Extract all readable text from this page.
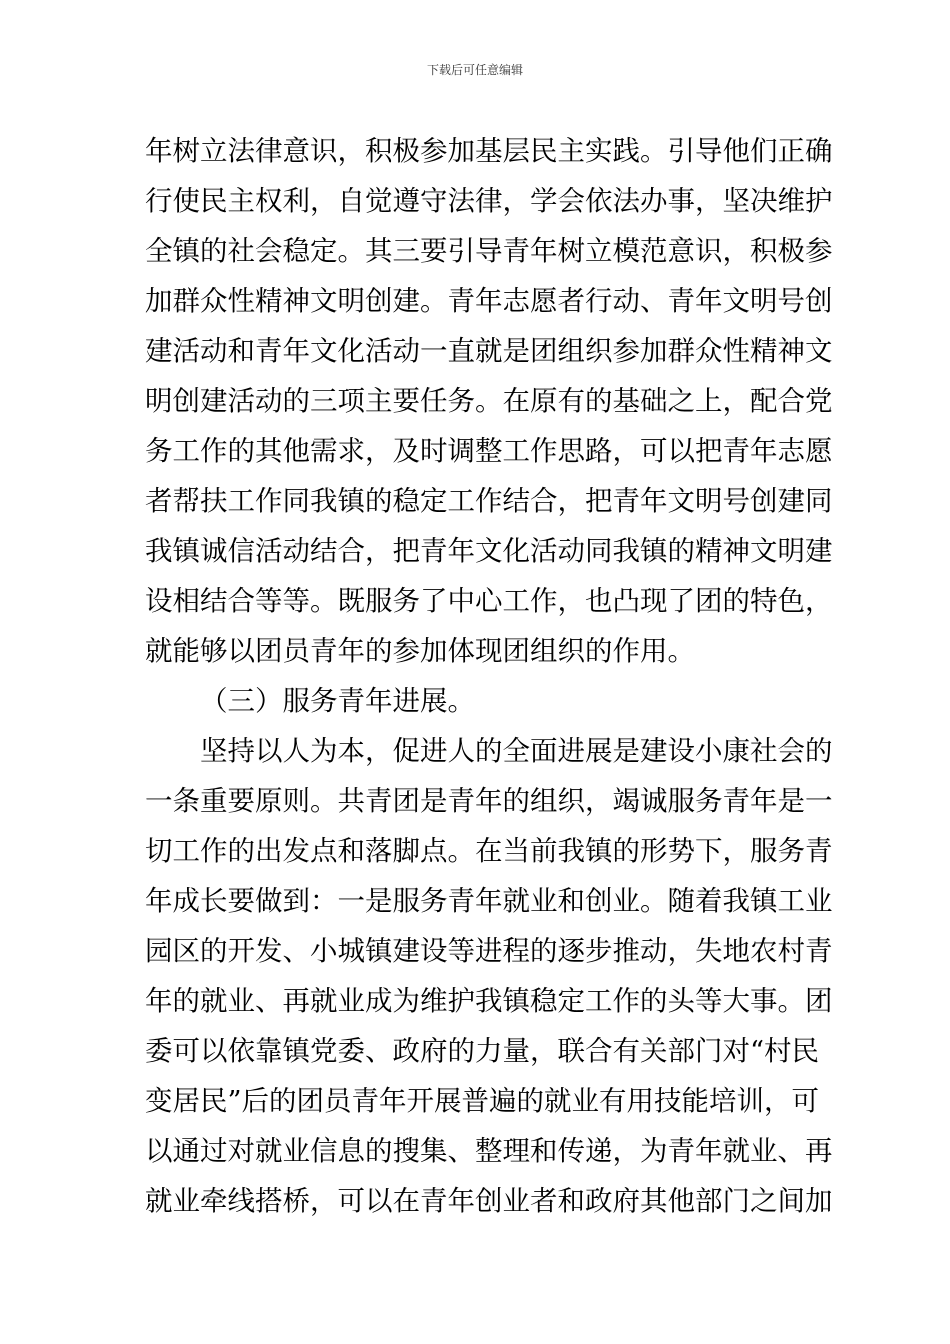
下载后可任意编辑
年树立法律意识，积极参加基层民主实践。引导他们正确
行使民主权利，自觉遵守法律，学会依法办事，坚决维护
全镇的社会稳定。其三要引导青年树立模范意识，积极参
加群众性精神文明创建。青年志愿者行动、青年文明号创
建活动和青年文化活动一直就是团组织参加群众性精神文
明创建活动的三项主要任务。在原有的基础之上，配合党
务工作的其他需求，及时调整工作思路，可以把青年志愿
者帮扶工作同我镇的稳定工作结合，把青年文明号创建同
我镇诚信活动结合，把青年文化活动同我镇的精神文明建
设相结合等等。既服务了中心工作，也凸现了团的特色，
就能够以团员青年的参加体现团组织的作用。
（三）服务青年进展。
坚持以人为本，促进人的全面进展是建设小康社会的
一条重要原则。共青团是青年的组织，竭诚服务青年是一
切工作的出发点和落脚点。在当前我镇的形势下，服务青
年成长要做到：一是服务青年就业和创业。随着我镇工业
园区的开发、小城镇建设等进程的逐步推动，失地农村青
年的就业、再就业成为维护我镇稳定工作的头等大事。团
委可以依靠镇党委、政府的力量，联合有关部门对“村民
变居民”后的团员青年开展普遍的就业有用技能培训，可
以通过对就业信息的搜集、整理和传递，为青年就业、再
就业牵线搭桥，可以在青年创业者和政府其他部门之间加
